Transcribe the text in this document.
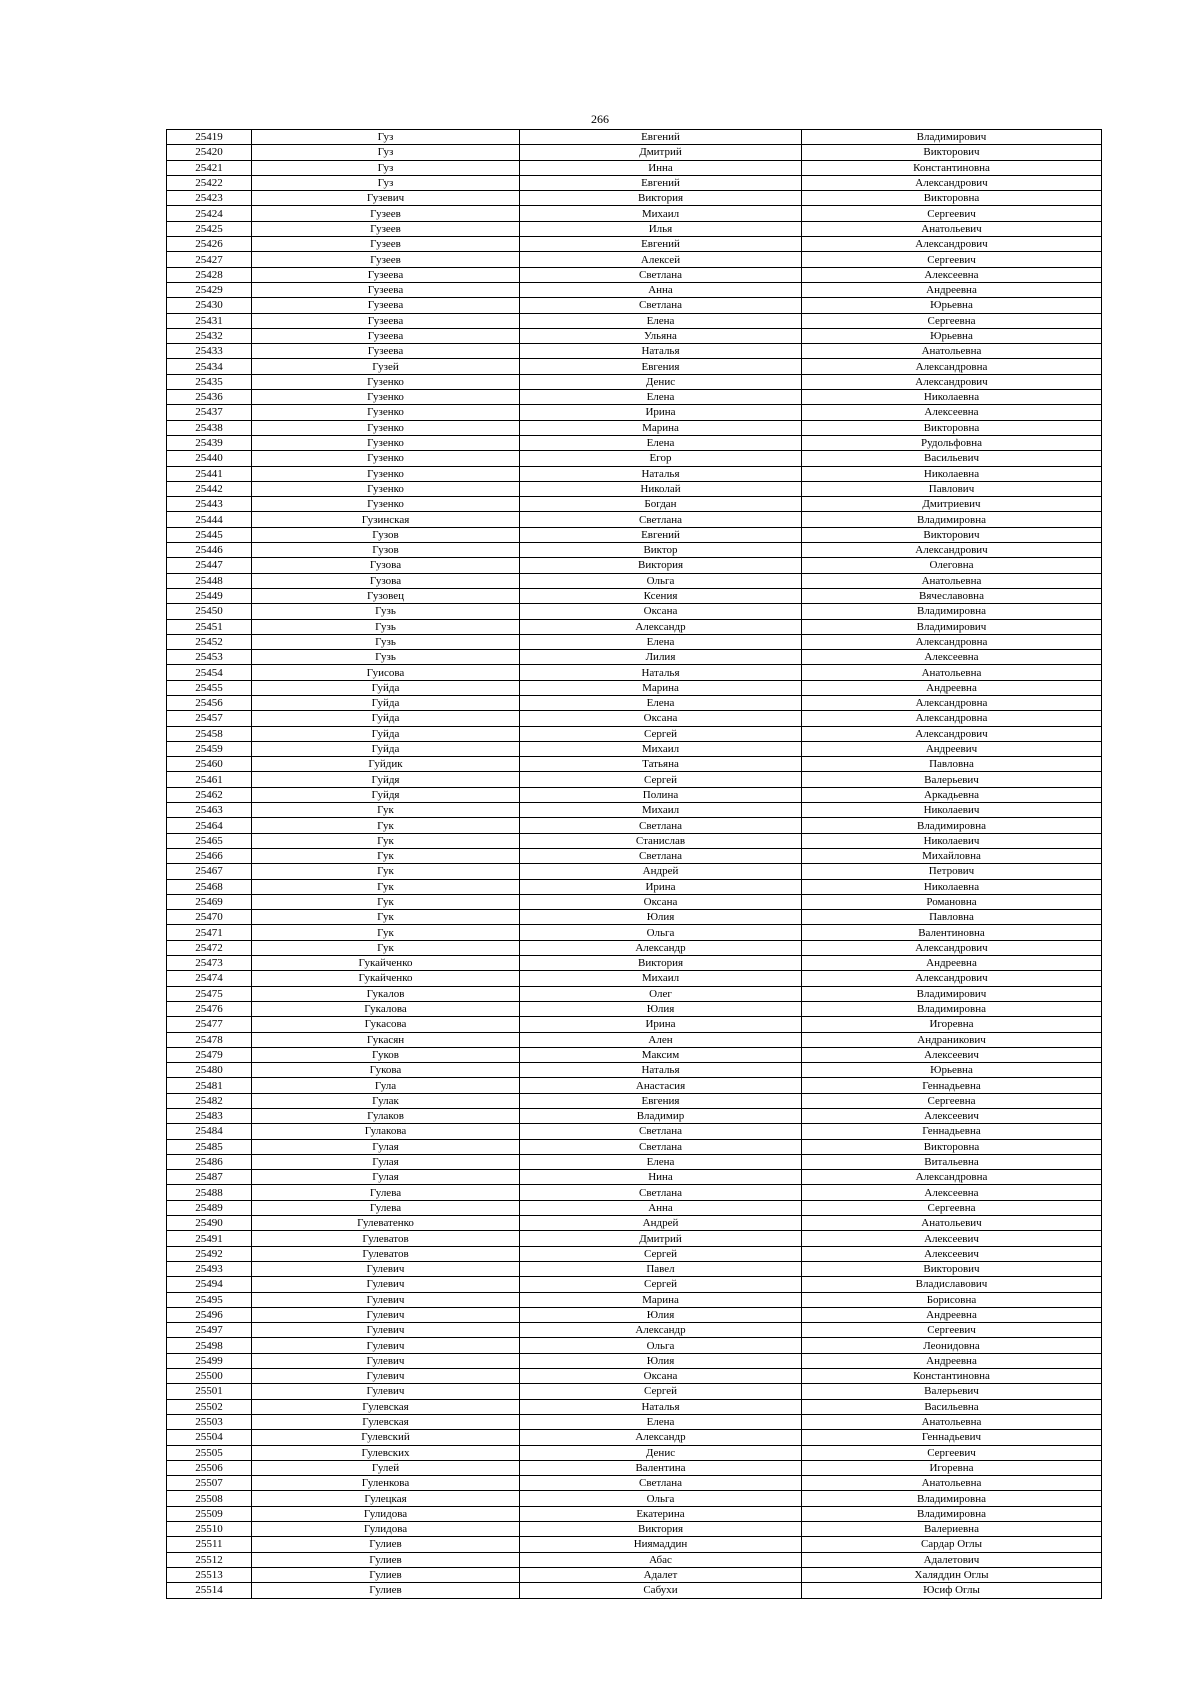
266
25419	Гуз	Евгений	Владимирович
25420	Гуз	Дмитрий	Викторович
25421	Гуз	Инна	Константиновна
25422	Гуз	Евгений	Александрович
25423	Гузевич	Виктория	Викторовна
25424	Гузеев	Михаил	Сергеевич
25425	Гузеев	Илья	Анатольевич
25426	Гузеев	Евгений	Александрович
25427	Гузеев	Алексей	Сергеевич
25428	Гузеева	Светлана	Алексеевна
25429	Гузеева	Анна	Андреевна
25430	Гузеева	Светлана	Юрьевна
25431	Гузеева	Елена	Сергеевна
25432	Гузеева	Ульяна	Юрьевна
25433	Гузеева	Наталья	Анатольевна
25434	Гузей	Евгения	Александровна
25435	Гузенко	Денис	Александрович
25436	Гузенко	Елена	Николаевна
25437	Гузенко	Ирина	Алексеевна
25438	Гузенко	Марина	Викторовна
25439	Гузенко	Елена	Рудольфовна
25440	Гузенко	Егор	Васильевич
25441	Гузенко	Наталья	Николаевна
25442	Гузенко	Николай	Павлович
25443	Гузенко	Богдан	Дмитриевич
25444	Гузинская	Светлана	Владимировна
25445	Гузов	Евгений	Викторович
25446	Гузов	Виктор	Александрович
25447	Гузова	Виктория	Олеговна
25448	Гузова	Ольга	Анатольевна
25449	Гузовец	Ксения	Вячеславовна
25450	Гузь	Оксана	Владимировна
25451	Гузь	Александр	Владимирович
25452	Гузь	Елена	Александровна
25453	Гузь	Лилия	Алексеевна
25454	Гуисова	Наталья	Анатольевна
25455	Гуйда	Марина	Андреевна
25456	Гуйда	Елена	Александровна
25457	Гуйда	Оксана	Александровна
25458	Гуйда	Сергей	Александрович
25459	Гуйда	Михаил	Андреевич
25460	Гуйдик	Татьяна	Павловна
25461	Гуйдя	Сергей	Валерьевич
25462	Гуйдя	Полина	Аркадьевна
25463	Гук	Михаил	Николаевич
25464	Гук	Светлана	Владимировна
25465	Гук	Станислав	Николаевич
25466	Гук	Светлана	Михайловна
25467	Гук	Андрей	Петрович
25468	Гук	Ирина	Николаевна
25469	Гук	Оксана	Романовна
25470	Гук	Юлия	Павловна
25471	Гук	Ольга	Валентиновна
25472	Гук	Александр	Александрович
25473	Гукайченко	Виктория	Андреевна
25474	Гукайченко	Михаил	Александрович
25475	Гукалов	Олег	Владимирович
25476	Гукалова	Юлия	Владимировна
25477	Гукасова	Ирина	Игоревна
25478	Гукасян	Ален	Андраникович
25479	Гуков	Максим	Алексеевич
25480	Гукова	Наталья	Юрьевна
25481	Гула	Анастасия	Геннадьевна
25482	Гулак	Евгения	Сергеевна
25483	Гулаков	Владимир	Алексеевич
25484	Гулакова	Светлана	Геннадьевна
25485	Гулая	Светлана	Викторовна
25486	Гулая	Елена	Витальевна
25487	Гулая	Нина	Александровна
25488	Гулева	Светлана	Алексеевна
25489	Гулева	Анна	Сергеевна
25490	Гулеватенко	Андрей	Анатольевич
25491	Гулеватов	Дмитрий	Алексеевич
25492	Гулеватов	Сергей	Алексеевич
25493	Гулевич	Павел	Викторович
25494	Гулевич	Сергей	Владиславович
25495	Гулевич	Марина	Борисовна
25496	Гулевич	Юлия	Андреевна
25497	Гулевич	Александр	Сергеевич
25498	Гулевич	Ольга	Леонидовна
25499	Гулевич	Юлия	Андреевна
25500	Гулевич	Оксана	Константиновна
25501	Гулевич	Сергей	Валерьевич
25502	Гулевская	Наталья	Васильевна
25503	Гулевская	Елена	Анатольевна
25504	Гулевский	Александр	Геннадьевич
25505	Гулевских	Денис	Сергеевич
25506	Гулей	Валентина	Игоревна
25507	Гуленкова	Светлана	Анатольевна
25508	Гулецкая	Ольга	Владимировна
25509	Гулидова	Екатерина	Владимировна
25510	Гулидова	Виктория	Валериевна
25511	Гулиев	Ниямаддин	Сардар Оглы
25512	Гулиев	Абас	Адалетович
25513	Гулиев	Адалет	Халяддин Оглы
25514	Гулиев	Сабухи	Юсиф Оглы
